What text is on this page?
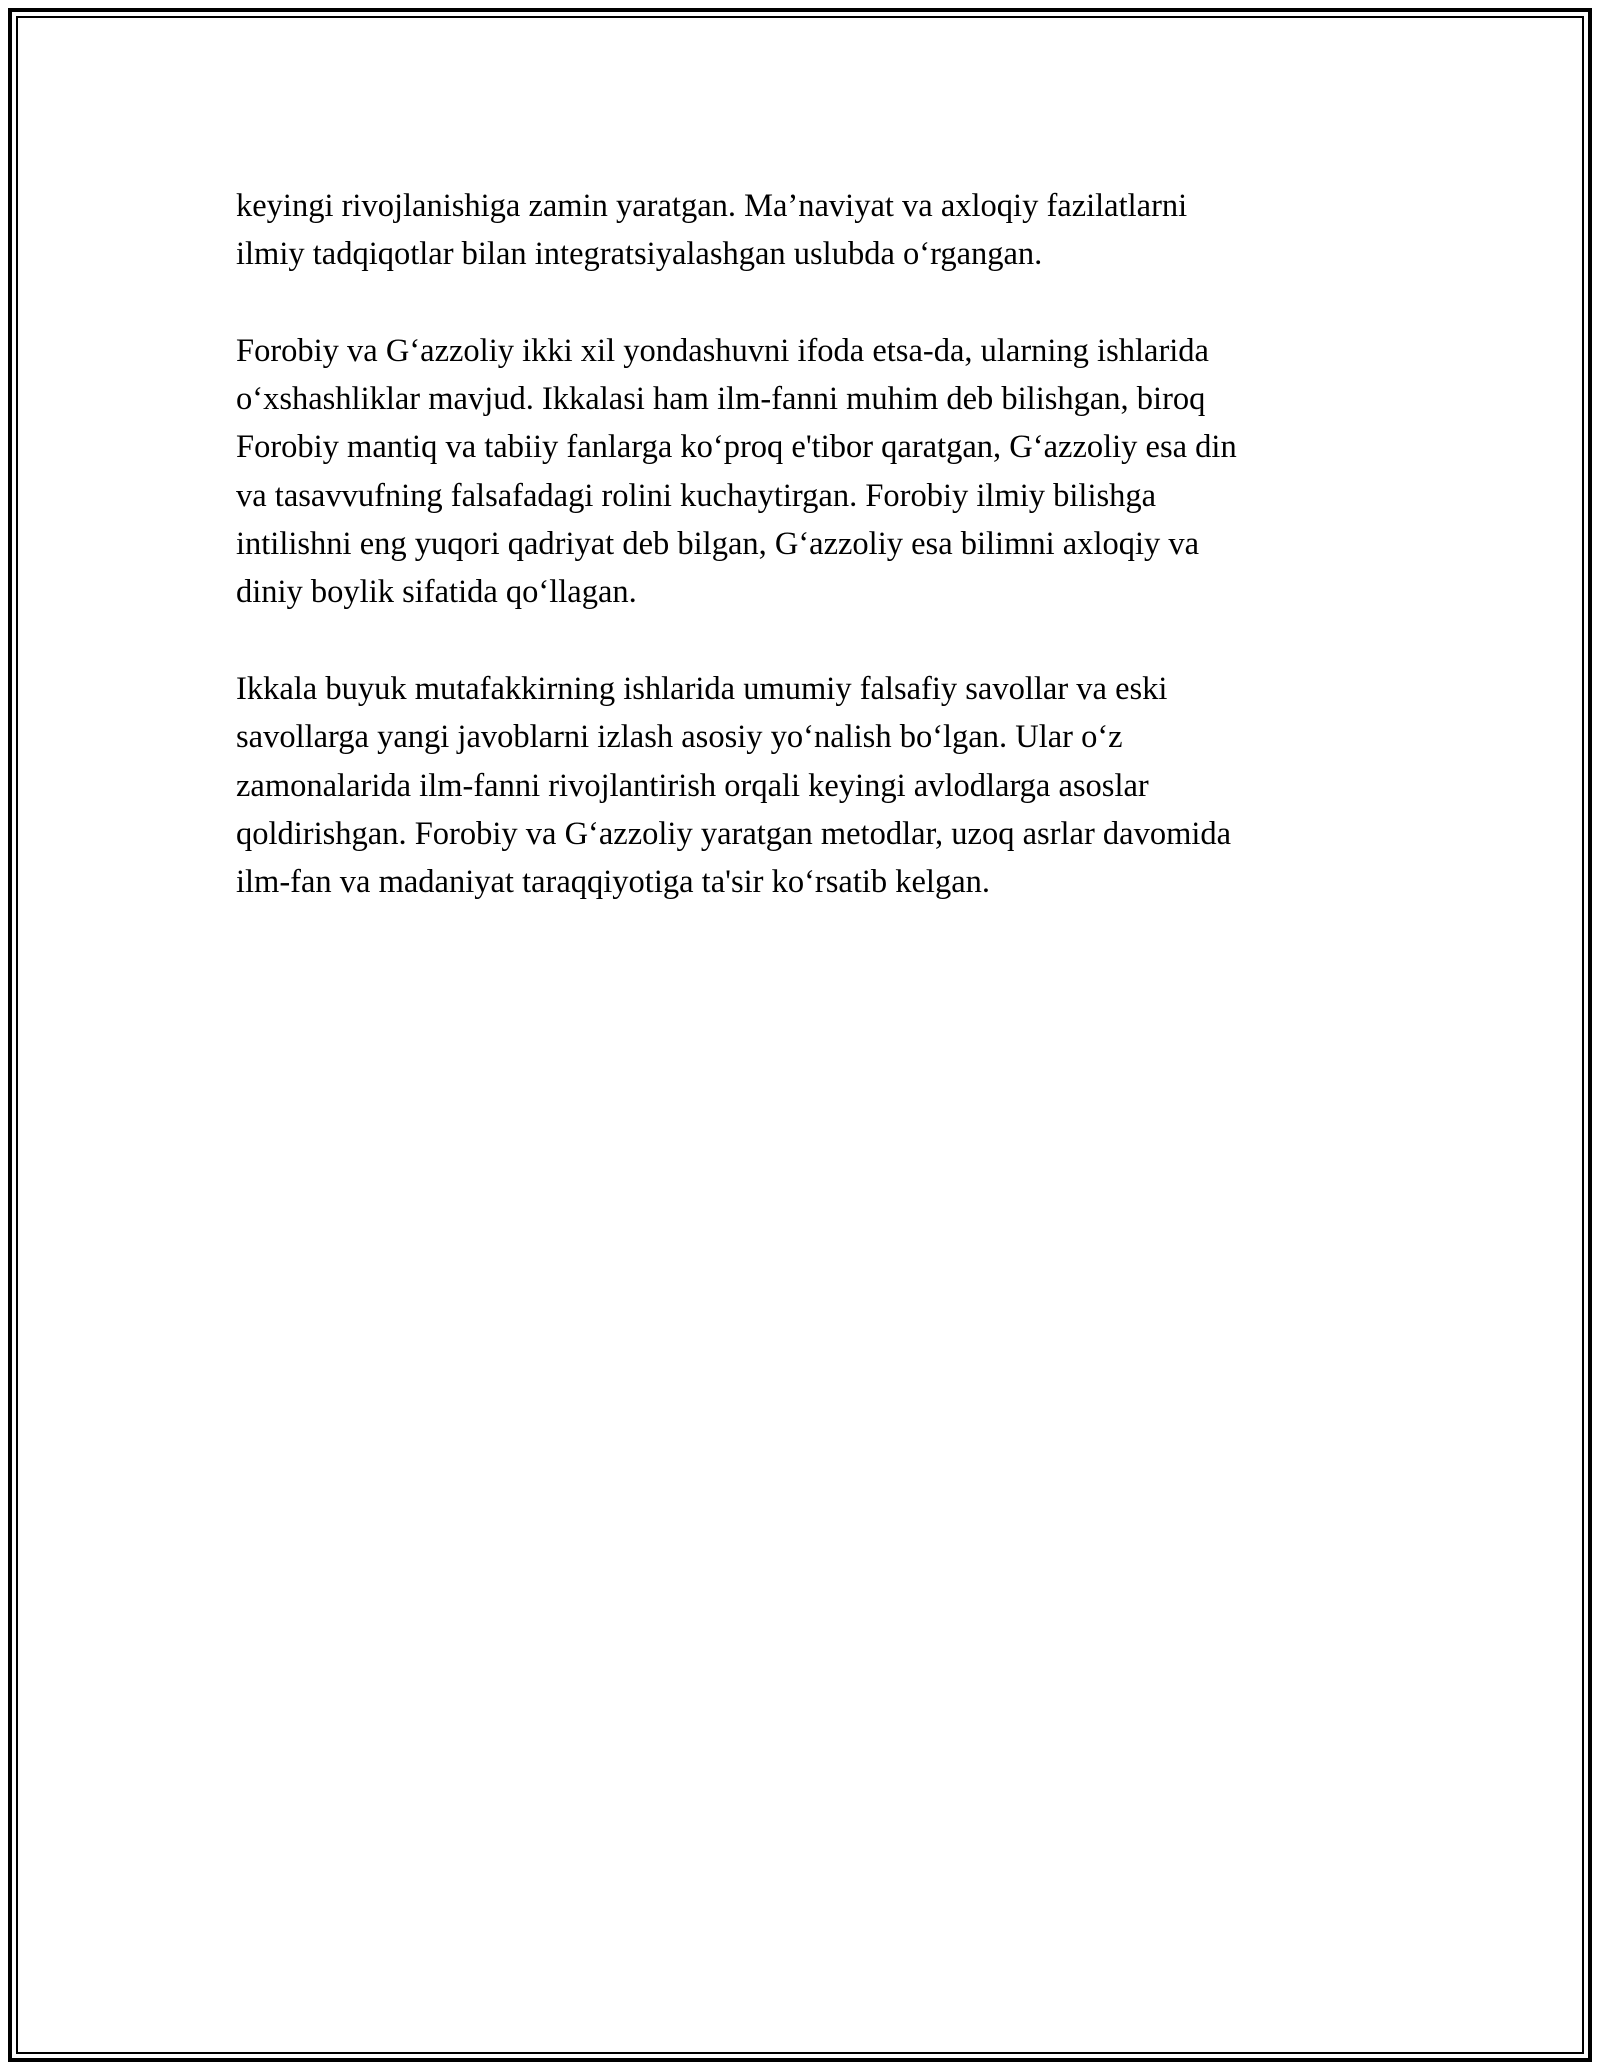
keyingi rivojlanishiga zamin yaratgan. Ma’naviyat va axloqiy fazilatlarni
ilmiy tadqiqotlar bilan integratsiyalashgan uslubda o‘rgangan.

Forobiy va G‘azzoliy ikki xil yondashuvni ifoda etsa-da, ularning ishlarida
o‘xshashliklar mavjud. Ikkalasi ham ilm-fanni muhim deb bilishgan, biroq
Forobiy mantiq va tabiiy fanlarga ko‘proq e'tibor qaratgan, G‘azzoliy esa din
va tasavvufning falsafadagi rolini kuchaytirgan. Forobiy ilmiy bilishga
intilishni eng yuqori qadriyat deb bilgan, G‘azzoliy esa bilimni axloqiy va
diniy boylik sifatida qo‘llagan.

Ikkala buyuk mutafakkirning ishlarida umumiy falsafiy savollar va eski
savollarga yangi javoblarni izlash asosiy yo‘nalish bo‘lgan. Ular o‘z
zamonalarida ilm-fanni rivojlantirish orqali keyingi avlodlarga asoslar
qoldirishgan. Forobiy va G‘azzoliy yaratgan metodlar, uzoq asrlar davomida
ilm-fan va madaniyat taraqqiyotiga ta'sir ko‘rsatib kelgan.
